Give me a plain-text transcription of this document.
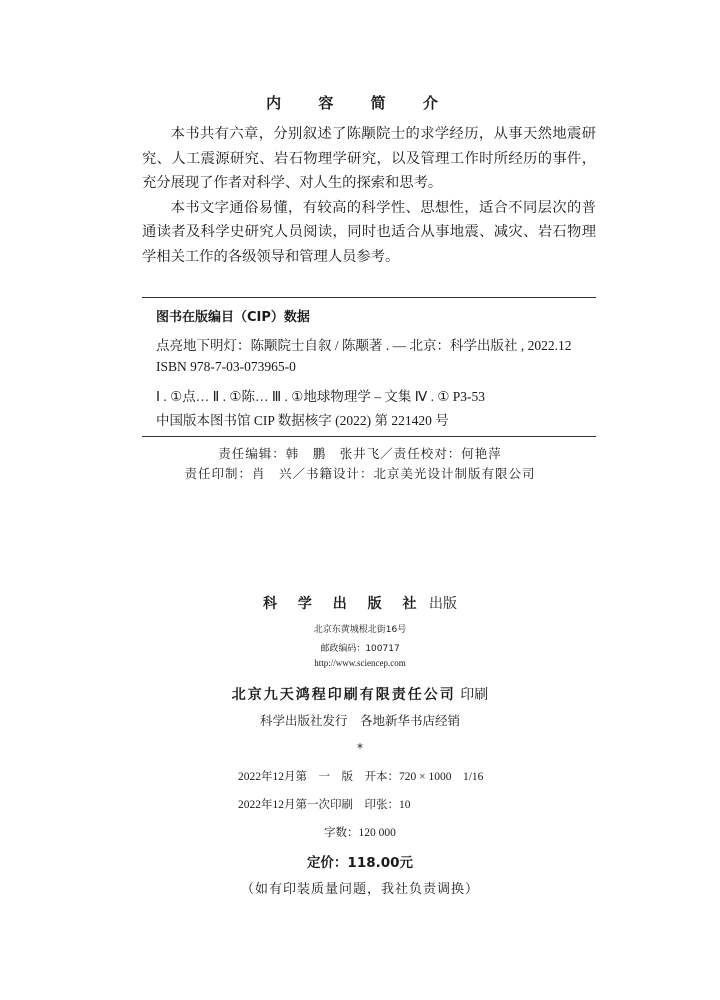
内 容 简 介

本书共有六章，分别叙述了陈颙院士的求学经历，从事天然地震研究、人工震源研究、岩石物理学研究，以及管理工作时所经历的事件，充分展现了作者对科学、对人生的探索和思考。

本书文字通俗易懂，有较高的科学性、思想性，适合不同层次的普通读者及科学史研究人员阅读，同时也适合从事地震、减灾、岩石物理学相关工作的各级领导和管理人员参考。

图书在版编目（CIP）数据
点亮地下明灯：陈颙院士自叙 / 陈颙著 . — 北京：科学出版社 , 2022.12
ISBN 978-7-03-073965-0
Ⅰ . ①点… Ⅱ . ①陈… Ⅲ . ①地球物理学 – 文集 Ⅳ . ① P3-53
中国版本图书馆 CIP 数据核字 (2022) 第 221420 号
责任编辑：韩　鹏　张井飞／责任校对：何艳萍
责任印制：肖　兴／书籍设计：北京美光设计制版有限公司
科 学 出 版 社 出版
北京东黄城根北街16号
邮政编码：100717
http://www.sciencep.com
北京九天鸿程印刷有限责任公司 印刷
科学出版社发行　各地新华书店经销
*
2022年12月第　一　版　开本：720 × 1000　1/16
2022年12月第一次印刷　印张：10
字数：120 000
定价：118.00元
（如有印装质量问题，我社负责调换）
